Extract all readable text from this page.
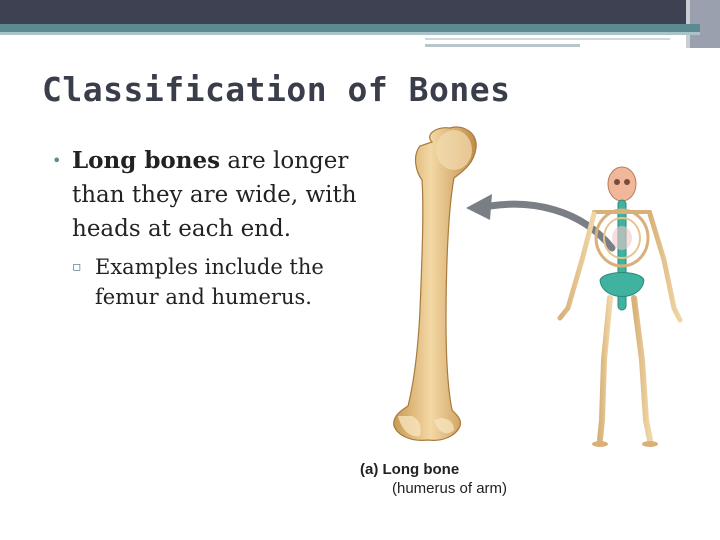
Classification of Bones
• Long bones are longer than they are wide, with heads at each end.
▫ Examples include the femur and humerus.
(a) Long bone
(humerus of arm)
